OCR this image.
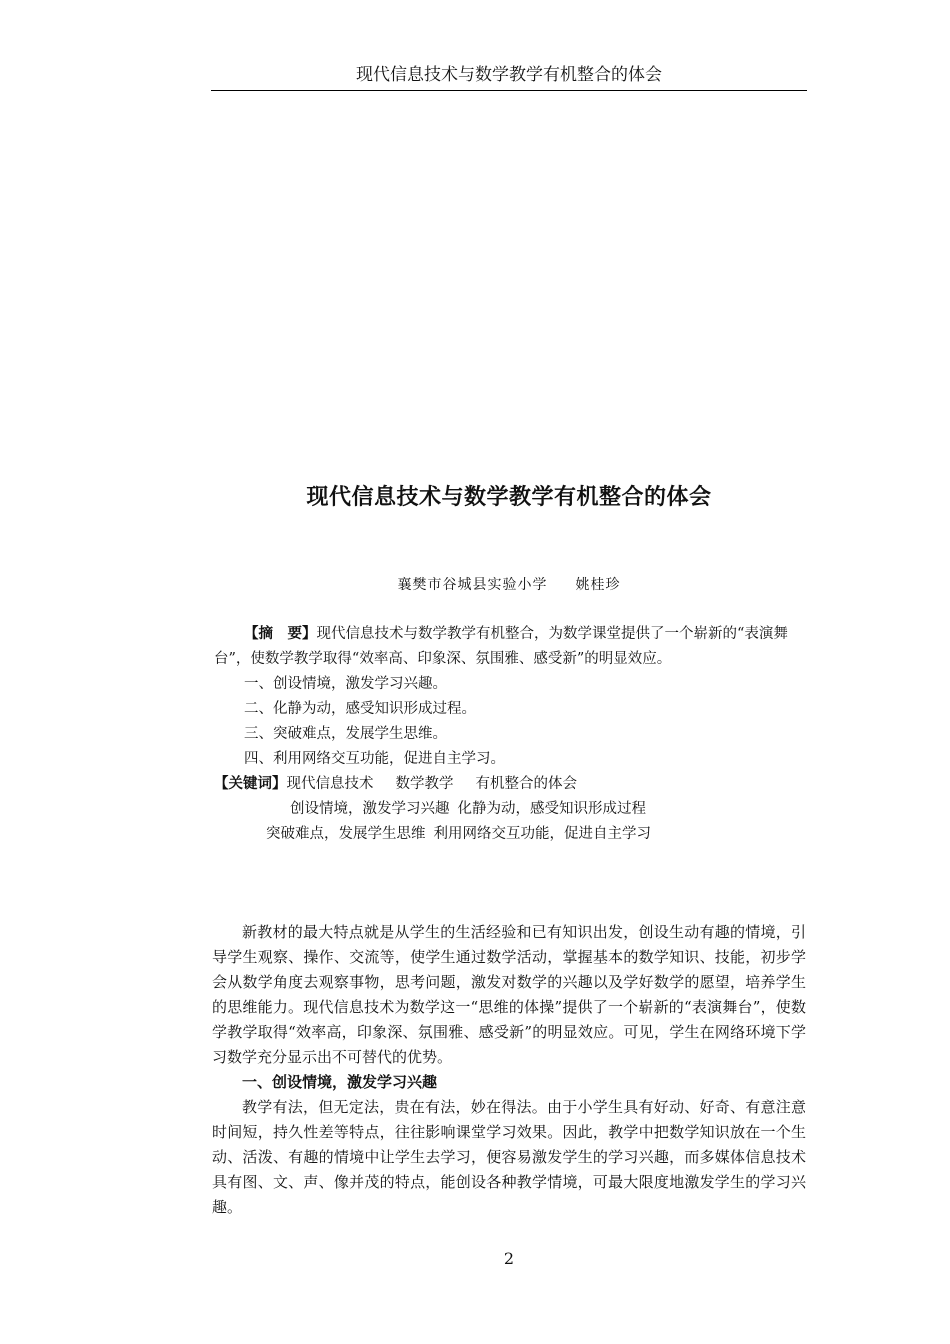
现代信息技术与数学教学有机整合的体会
现代信息技术与数学教学有机整合的体会
襄樊市谷城县实验小学 姚桂珍

【摘　要】现代信息技术与数学教学有机整合，为数学课堂提供了一个崭新的“表演舞台”，使数学教学取得“效率高、印象深、氛围雅、感受新”的明显效应。

一、创设情境，激发学习兴趣。

二、化静为动，感受知识形成过程。

三、突破难点，发展学生思维。

四、利用网络交互功能，促进自主学习。

【关键词】现代信息技术 数学教学 有机整合的体会

创设情境，激发学习兴趣 化静为动，感受知识形成过程

突破难点，发展学生思维 利用网络交互功能，促进自主学习

新教材的最大特点就是从学生的生活经验和已有知识出发，创设生动有趣的情境，引导学生观察、操作、交流等，使学生通过数学活动，掌握基本的数学知识、技能，初步学会从数学角度去观察事物，思考问题，激发对数学的兴趣以及学好数学的愿望，培养学生的思维能力。现代信息技术为数学这一“思维的体操”提供了一个崭新的“表演舞台”，使数学教学取得“效率高，印象深、氛围雅、感受新”的明显效应。可见，学生在网络环境下学习数学充分显示出不可替代的优势。

一、创设情境，激发学习兴趣

教学有法，但无定法，贵在有法，妙在得法。由于小学生具有好动、好奇、有意注意时间短，持久性差等特点，往往影响课堂学习效果。因此，教学中把数学知识放在一个生动、活泼、有趣的情境中让学生去学习，便容易激发学生的学习兴趣，而多媒体信息技术具有图、文、声、像并茂的特点，能创设各种教学情境，可最大限度地激发学生的学习兴趣。

2
